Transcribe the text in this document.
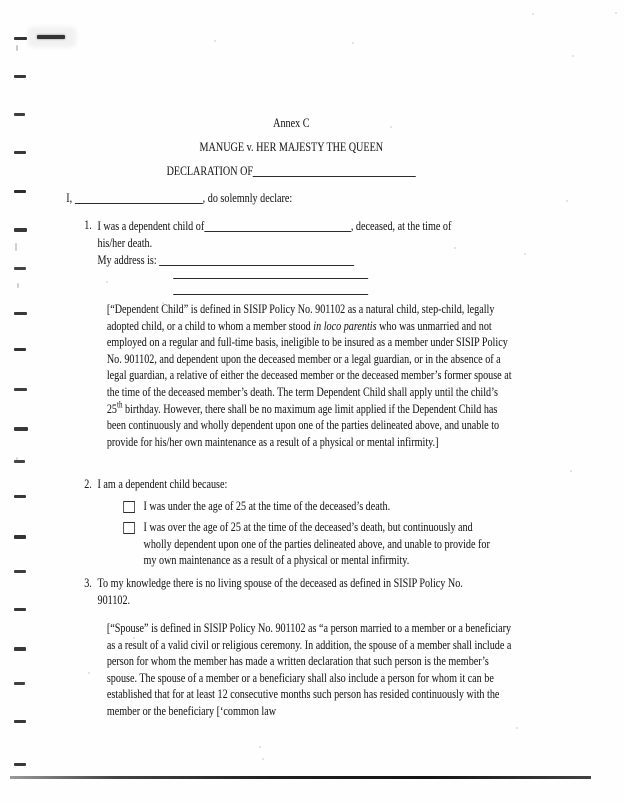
Annex C
MANUGE v. HER MAJESTY THE QUEEN
DECLARATION OF
I,	, do solemnly declare:
1. I was a dependent child of	, deceased, at the time of
his/her death.
My address is:
[“Dependent Child” is defined in SISIP Policy No. 901102 as a natural child, step-child, legally adopted child, or a child to whom a member stood in loco parentis who was unmarried and not employed on a regular and full-time basis, ineligible to be insured as a member under SISIP Policy No. 901102, and dependent upon the deceased member or a legal guardian, or in the absence of a legal guardian, a relative of either the deceased member or the deceased member’s former spouse at the time of the deceased member’s death. The term Dependent Child shall apply until the child’s 25th birthday. However, there shall be no maximum age limit applied if the Dependent Child has been continuously and wholly dependent upon one of the parties delineated above, and unable to provide for his/her own maintenance as a result of a physical or mental infirmity.]
2. I am a dependent child because:
I was under the age of 25 at the time of the deceased’s death.
I was over the age of 25 at the time of the deceased’s death, but continuously and wholly dependent upon one of the parties delineated above, and unable to provide for my own maintenance as a result of a physical or mental infirmity.
3. To my knowledge there is no living spouse of the deceased as defined in SISIP Policy No. 901102.
[“Spouse” is defined in SISIP Policy No. 901102 as “a person married to a member or a beneficiary as a result of a valid civil or religious ceremony. In addition, the spouse of a member shall include a person for whom the member has made a written declaration that such person is the member’s spouse. The spouse of a member or a beneficiary shall also include a person for whom it can be established that for at least 12 consecutive months such person has resided continuously with the member or the beneficiary [‘common law
